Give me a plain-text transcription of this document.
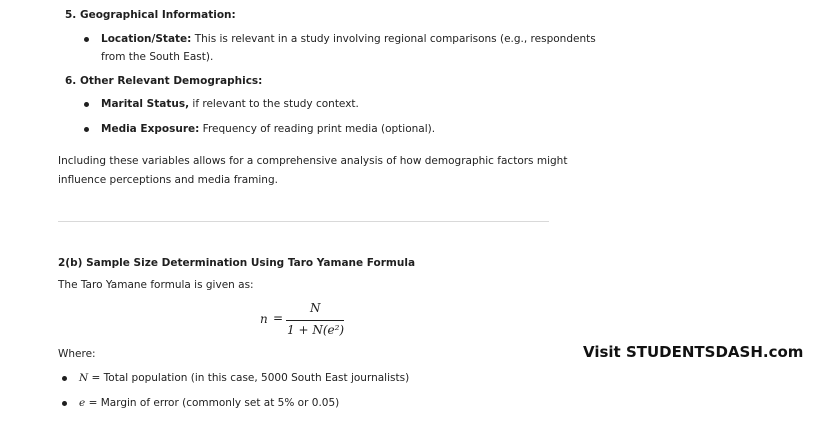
5. Geographical Information:
Location/State: This is relevant in a study involving regional comparisons (e.g., respondents
from the South East).
6. Other Relevant Demographics:
Marital Status, if relevant to the study context.
Media Exposure: Frequency of reading print media (optional).
Including these variables allows for a comprehensive analysis of how demographic factors might
influence perceptions and media framing.
2(b) Sample Size Determination Using Taro Yamane Formula
The Taro Yamane formula is given as:
n =
N
1 + N(e²)
Where:
N = Total population (in this case, 5000 South East journalists)
e = Margin of error (commonly set at 5% or 0.05)
Visit STUDENTSDASH.com
